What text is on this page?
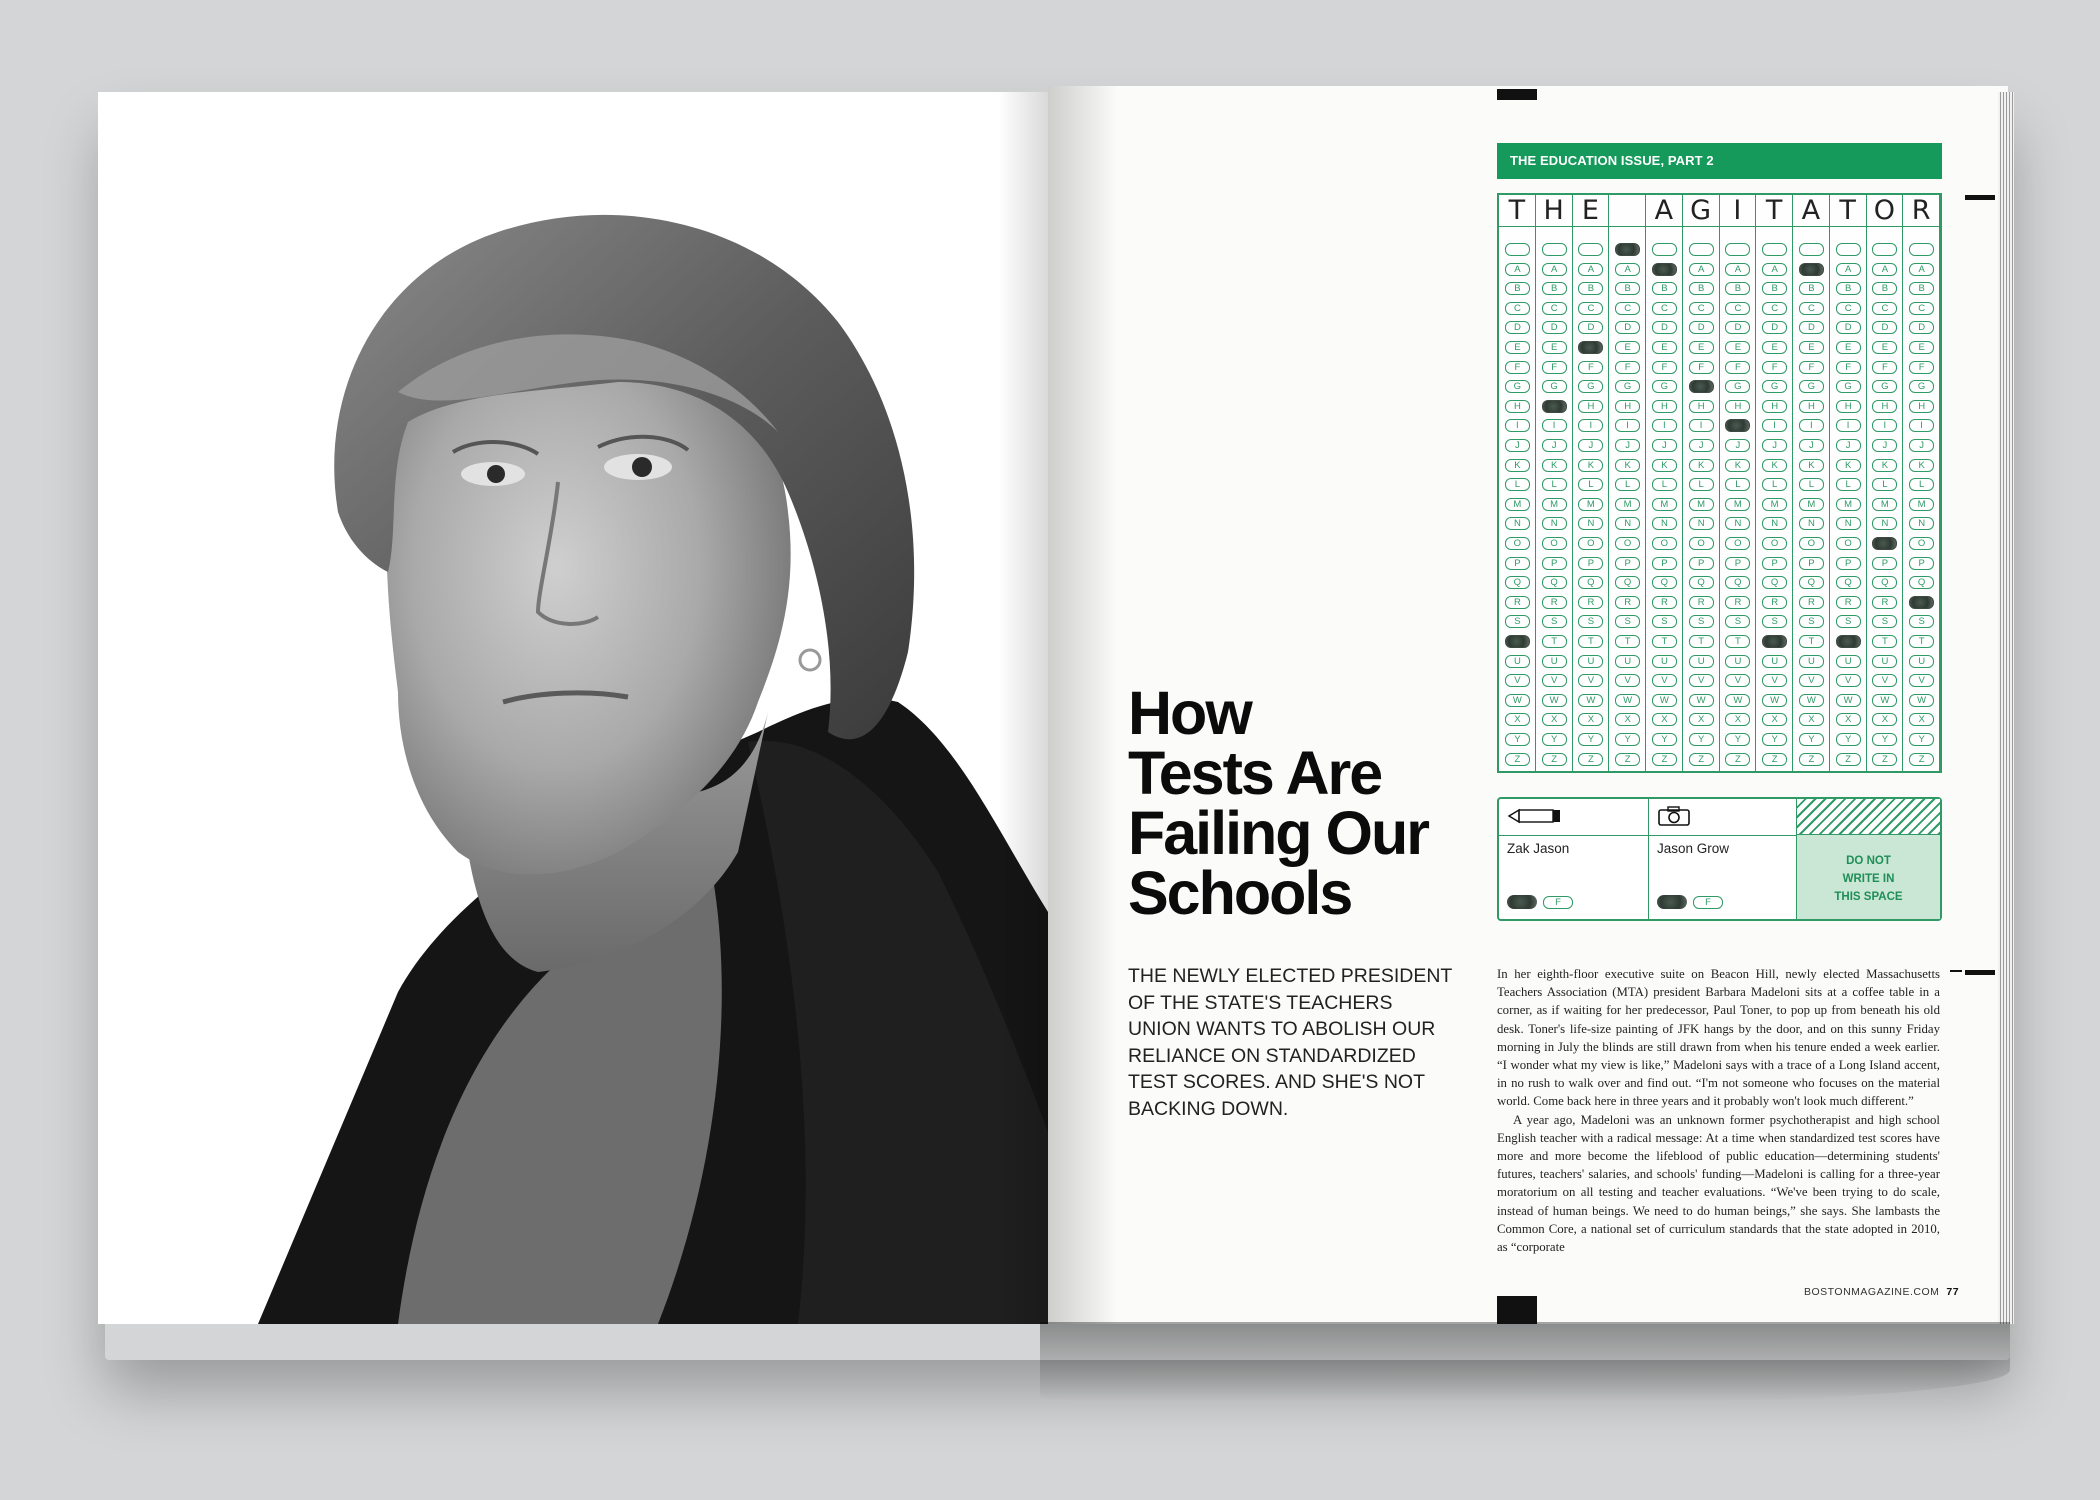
THE EDUCATION ISSUE, PART 2
T
A
B
C
D
E
F
G
H
I
J
K
L
M
N
O
P
Q
R
S
U
V
W
X
Y
Z
H
A
B
C
D
E
F
G
I
J
K
L
M
N
O
P
Q
R
S
T
U
V
W
X
Y
Z
E
A
B
C
D
F
G
H
I
J
K
L
M
N
O
P
Q
R
S
T
U
V
W
X
Y
Z
A
B
C
D
E
F
G
H
I
J
K
L
M
N
O
P
Q
R
S
T
U
V
W
X
Y
Z
A
B
C
D
E
F
G
H
I
J
K
L
M
N
O
P
Q
R
S
T
U
V
W
X
Y
Z
G
A
B
C
D
E
F
H
I
J
K
L
M
N
O
P
Q
R
S
T
U
V
W
X
Y
Z
I
A
B
C
D
E
F
G
H
J
K
L
M
N
O
P
Q
R
S
T
U
V
W
X
Y
Z
T
A
B
C
D
E
F
G
H
I
J
K
L
M
N
O
P
Q
R
S
U
V
W
X
Y
Z
A
B
C
D
E
F
G
H
I
J
K
L
M
N
O
P
Q
R
S
T
U
V
W
X
Y
Z
T
A
B
C
D
E
F
G
H
I
J
K
L
M
N
O
P
Q
R
S
U
V
W
X
Y
Z
O
A
B
C
D
E
F
G
H
I
J
K
L
M
N
P
Q
R
S
T
U
V
W
X
Y
Z
R
A
B
C
D
E
F
G
H
I
J
K
L
M
N
O
P
Q
S
T
U
V
W
X
Y
Z
Zak Jason
F
Jason Grow
F
DO NOT
WRITE IN
THIS SPACE
How
Tests Are
Failing Our
Schools

THE NEWLY ELECTED PRESIDENT OF THE STATE'S TEACHERS UNION WANTS TO ABOLISH OUR RELIANCE ON STANDARDIZED TEST SCORES. AND SHE'S NOT BACKING DOWN.

In her eighth-floor executive suite on Beacon Hill, newly elected Massachusetts Teachers Association (MTA) president Barbara Madeloni sits at a coffee table in a corner, as if waiting for her predecessor, Paul Toner, to pop up from beneath his old desk. Toner's life-size painting of JFK hangs by the door, and on this sunny Friday morning in July the blinds are still drawn from when his tenure ended a week earlier. “I wonder what my view is like,” Madeloni says with a trace of a Long Island accent, in no rush to walk over and find out. “I'm not someone who focuses on the material world. Come back here in three years and it probably won't look much different.”

A year ago, Madeloni was an unknown former psychotherapist and high school English teacher with a radical message: At a time when standardized test scores have more and more become the lifeblood of public education—determining students' futures, teachers' salaries, and schools' funding—Madeloni is calling for a three-year moratorium on all testing and teacher evaluations. “We've been trying to do scale, instead of human beings. We need to do human beings,” she says. She lambasts the Common Core, a national set of curriculum standards that the state adopted in 2010, as “corporate

BOSTONMAGAZINE.COM 77
